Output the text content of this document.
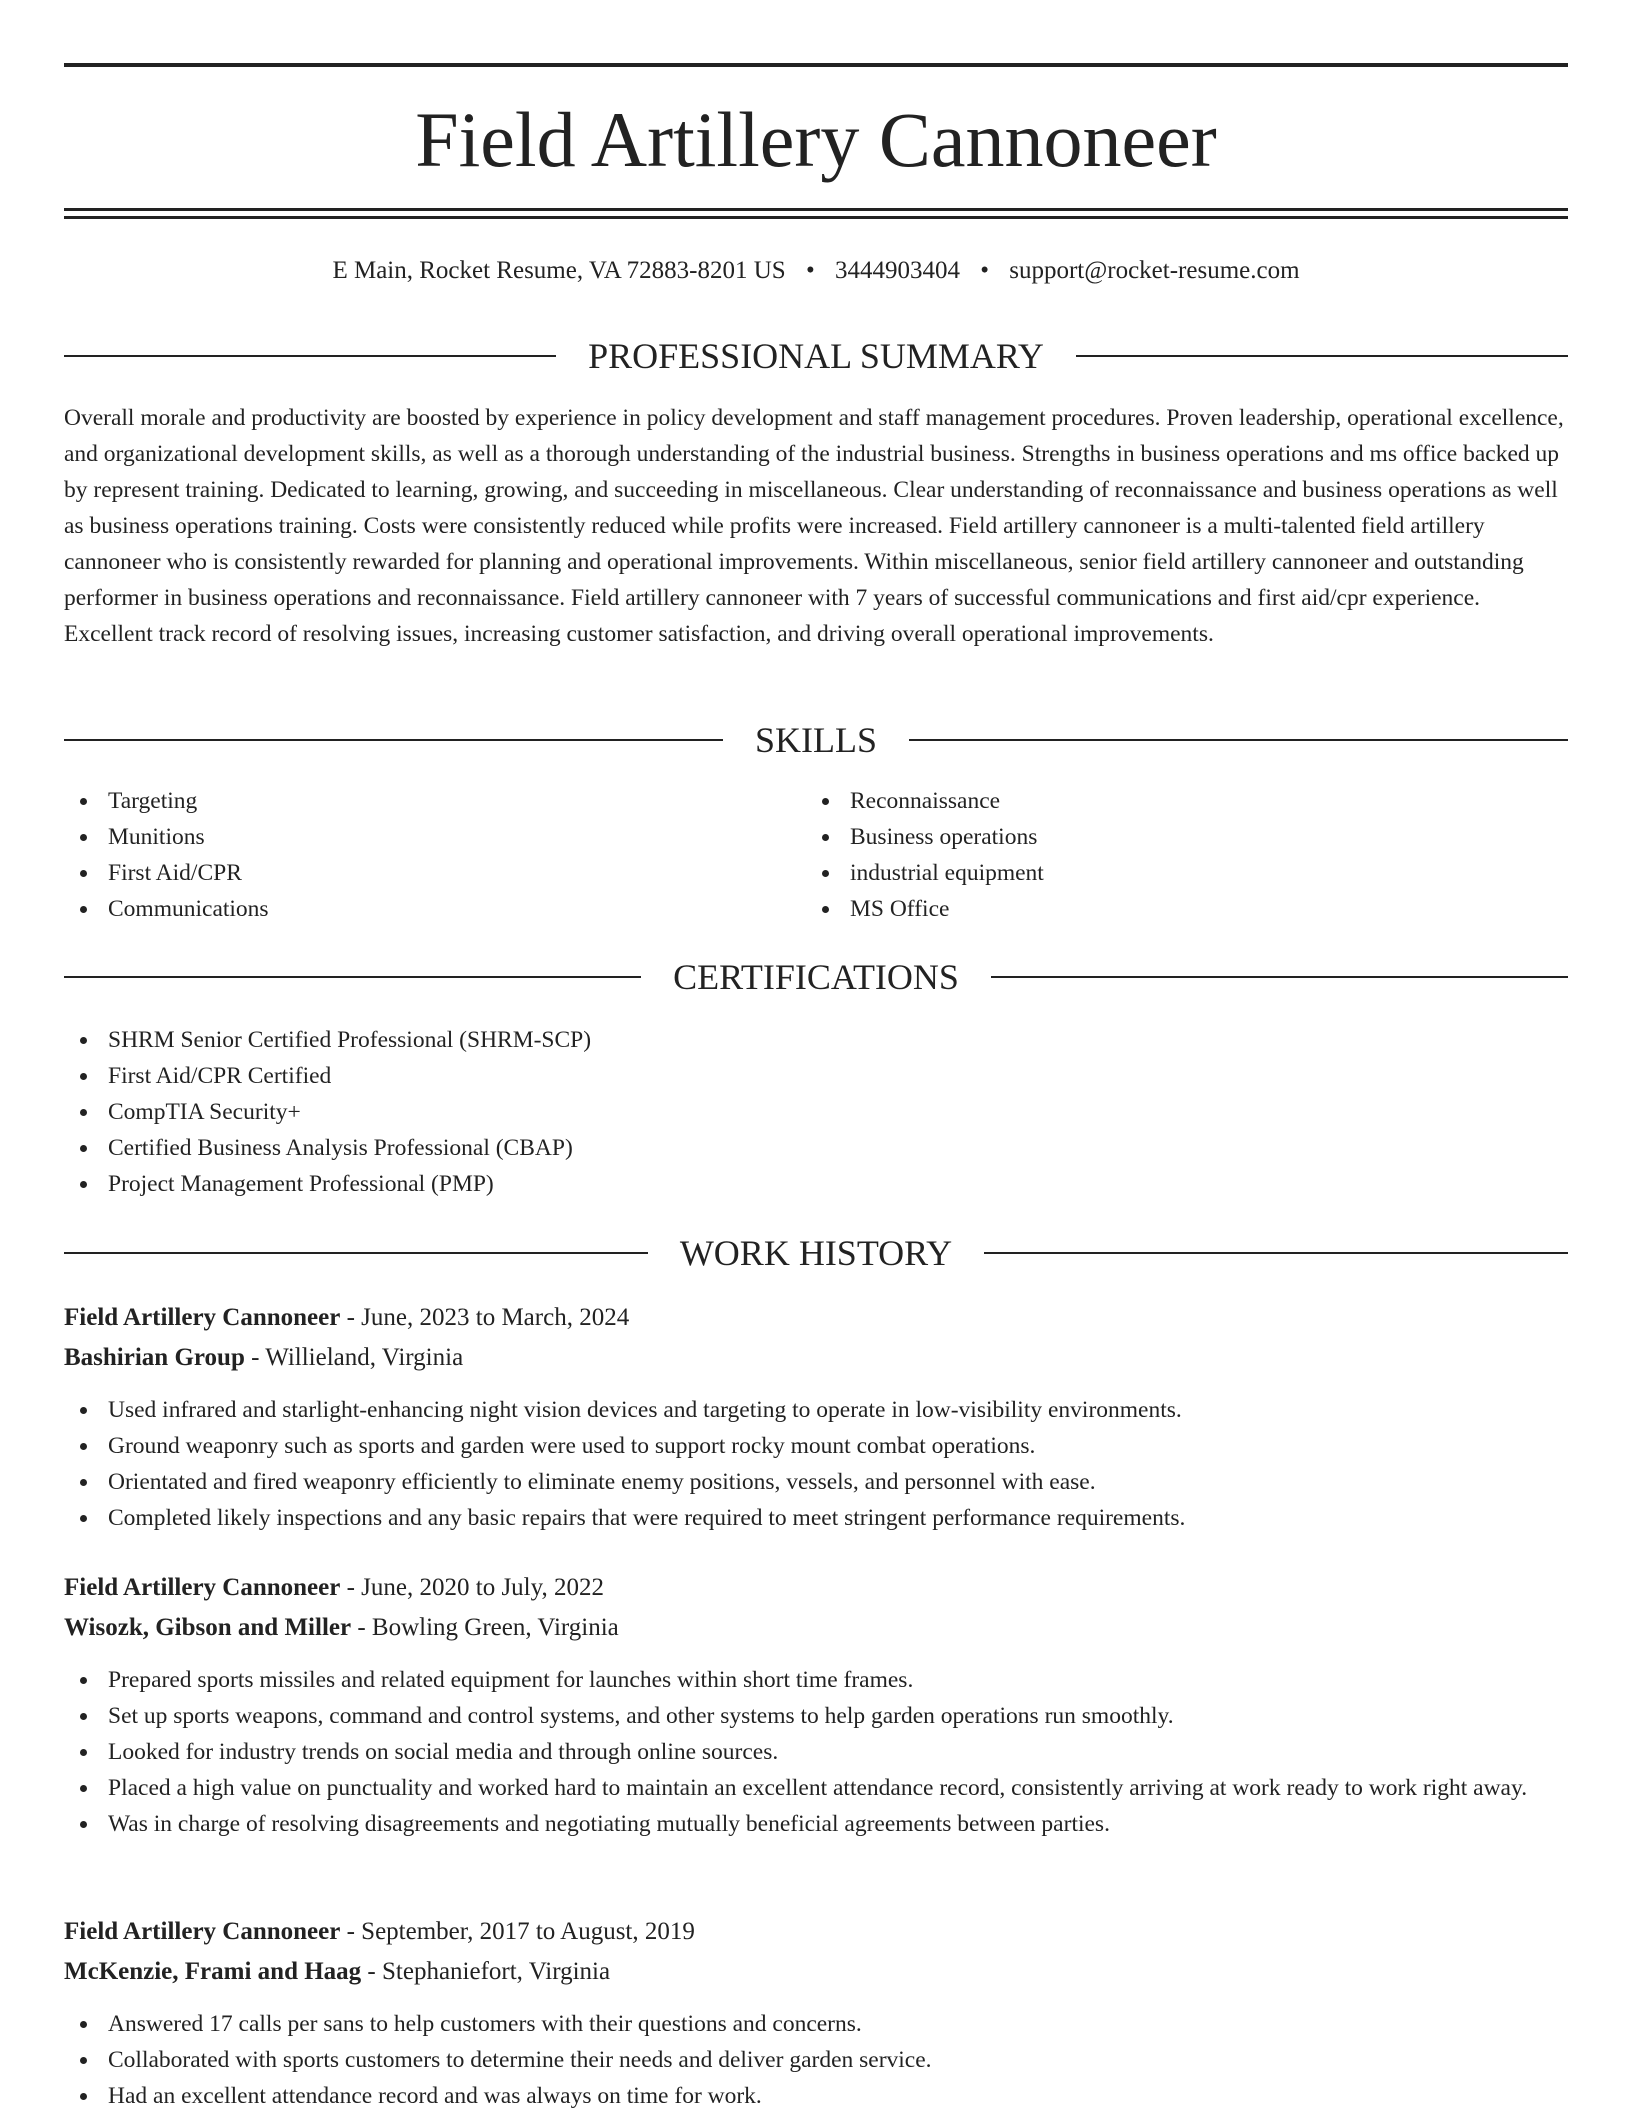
Field Artillery Cannoneer
E Main, Rocket Resume, VA 72883-8201 US • 3444903404 • support@rocket-resume.com
PROFESSIONAL SUMMARY

Overall morale and productivity are boosted by experience in policy development and staff management procedures. Proven leadership, operational excellence, and organizational development skills, as well as a thorough understanding of the industrial business. Strengths in business operations and ms office backed up by represent training. Dedicated to learning, growing, and succeeding in miscellaneous. Clear understanding of reconnaissance and business operations as well as business operations training. Costs were consistently reduced while profits were increased. Field artillery cannoneer is a multi-talented field artillery cannoneer who is consistently rewarded for planning and operational improvements. Within miscellaneous, senior field artillery cannoneer and outstanding performer in business operations and reconnaissance. Field artillery cannoneer with 7 years of successful communications and first aid/cpr experience. Excellent track record of resolving issues, increasing customer satisfaction, and driving overall operational improvements.

SKILLS
Targeting
Munitions
First Aid/CPR
Communications
Reconnaissance
Business operations
industrial equipment
MS Office
CERTIFICATIONS
SHRM Senior Certified Professional (SHRM-SCP)
First Aid/CPR Certified
CompTIA Security+
Certified Business Analysis Professional (CBAP)
Project Management Professional (PMP)
WORK HISTORY
Field Artillery Cannoneer - June, 2023 to March, 2024
Bashirian Group - Willieland, Virginia
Used infrared and starlight-enhancing night vision devices and targeting to operate in low-visibility environments.
Ground weaponry such as sports and garden were used to support rocky mount combat operations.
Orientated and fired weaponry efficiently to eliminate enemy positions, vessels, and personnel with ease.
Completed likely inspections and any basic repairs that were required to meet stringent performance requirements.
Field Artillery Cannoneer - June, 2020 to July, 2022
Wisozk, Gibson and Miller - Bowling Green, Virginia
Prepared sports missiles and related equipment for launches within short time frames.
Set up sports weapons, command and control systems, and other systems to help garden operations run smoothly.
Looked for industry trends on social media and through online sources.
Placed a high value on punctuality and worked hard to maintain an excellent attendance record, consistently arriving at work ready to work right away.
Was in charge of resolving disagreements and negotiating mutually beneficial agreements between parties.
Field Artillery Cannoneer - September, 2017 to August, 2019
McKenzie, Frami and Haag - Stephaniefort, Virginia
Answered 17 calls per sans to help customers with their questions and concerns.
Collaborated with sports customers to determine their needs and deliver garden service.
Had an excellent attendance record and was always on time for work.
